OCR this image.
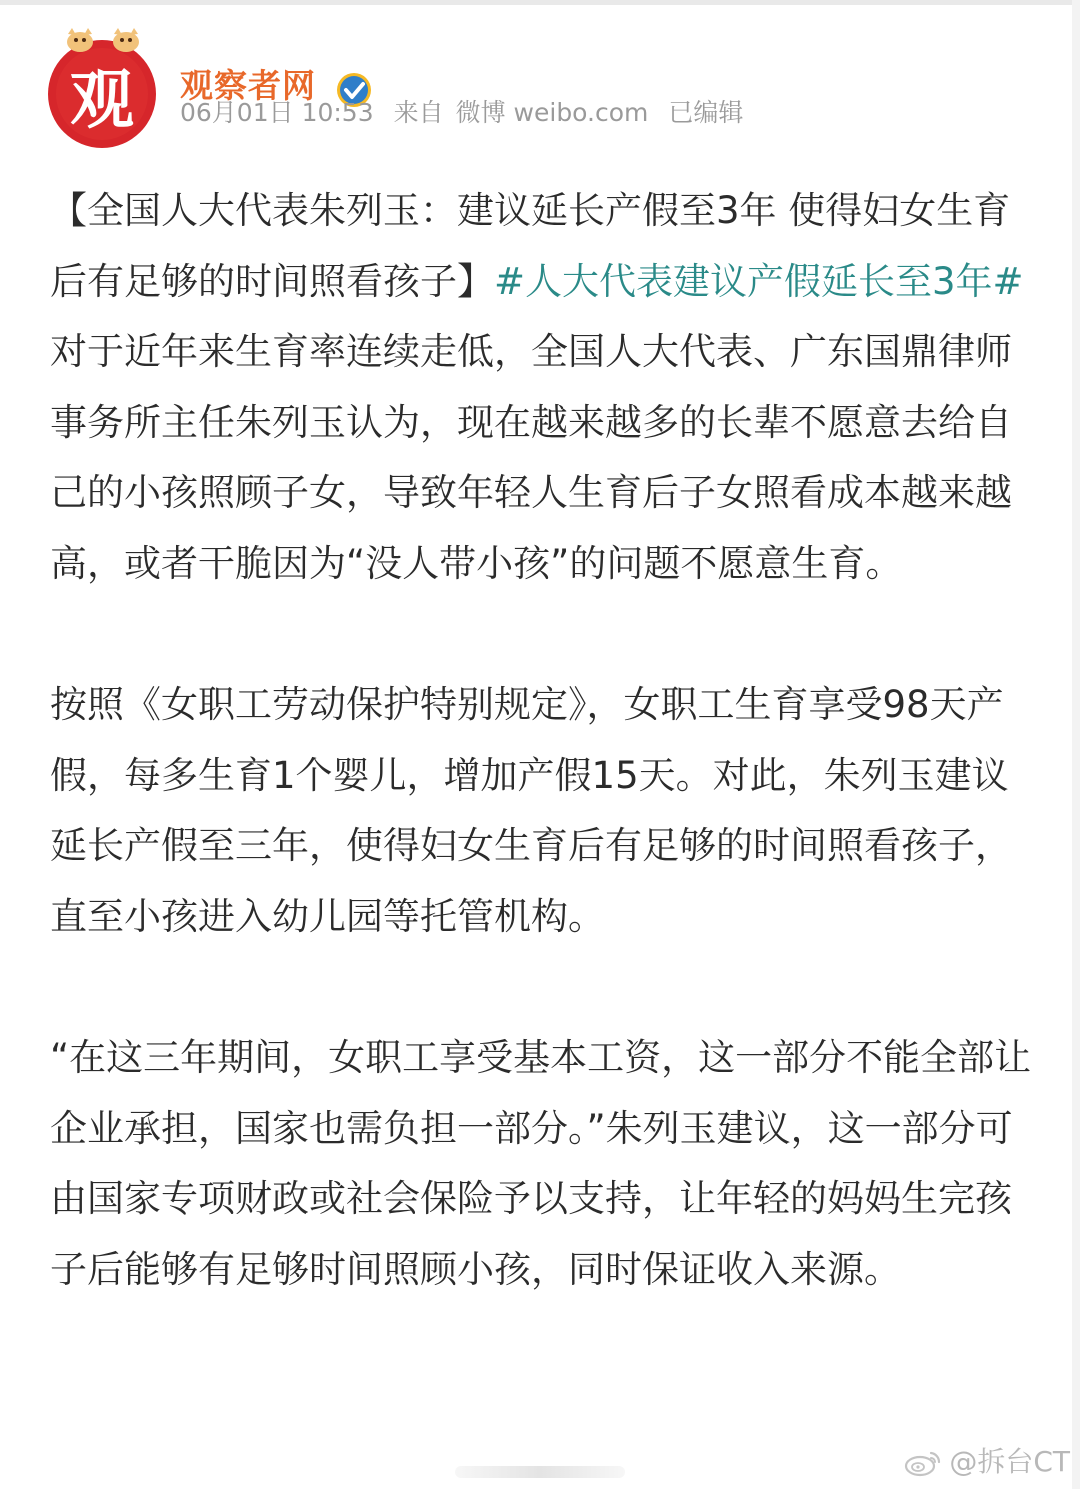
观 观察者网
06月01日 10:53 来自 微博 weibo.com 已编辑

【全国人大代表朱列玉：建议延长产假至3年 使得妇女生育后有足够的时间照看孩子】#人大代表建议产假延长至3年# 对于近年来生育率连续走低，全国人大代表、广东国鼎律师事务所主任朱列玉认为，现在越来越多的长辈不愿意去给自己的小孩照顾子女，导致年轻人生育后子女照看成本越来越高，或者干脆因为“没人带小孩”的问题不愿意生育。

按照《女职工劳动保护特别规定》，女职工生育享受98天产假，每多生育1个婴儿，增加产假15天。对此，朱列玉建议延长产假至三年，使得妇女生育后有足够的时间照看孩子，直至小孩进入幼儿园等托管机构。

“在这三年期间，女职工享受基本工资，这一部分不能全部让企业承担，国家也需负担一部分。”朱列玉建议，这一部分可由国家专项财政或社会保险予以支持，让年轻的妈妈生完孩子后能够有足够时间照顾小孩，同时保证收入来源。

@拆台CT
